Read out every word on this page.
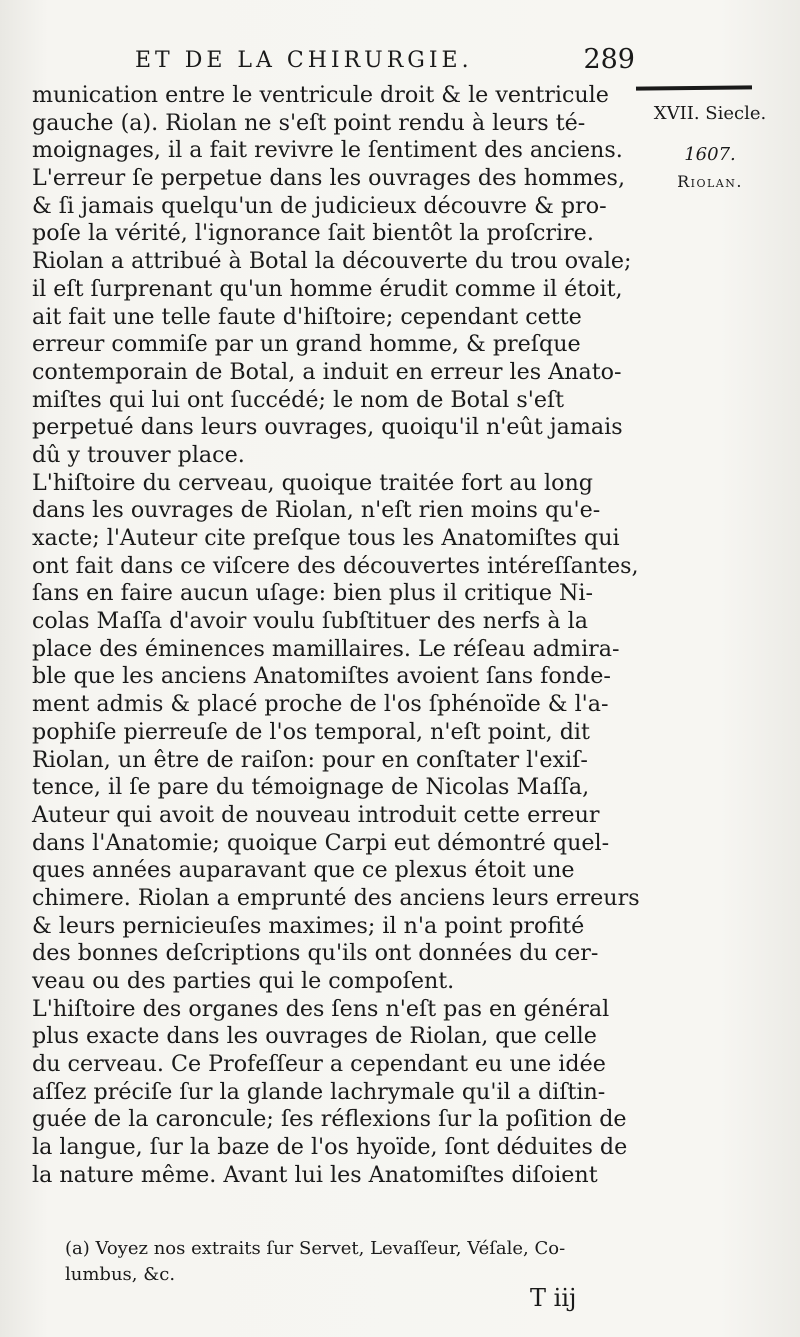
ET DE LA CHIRURGIE.	289
XVII. Siecle.
1607.
Riolan.
munication entre le ventricule droit & le ventricule
gauche (a). Riolan ne s'eſt point rendu à leurs té-
moignages, il a fait revivre le ſentiment des anciens.
L'erreur ſe perpetue dans les ouvrages des hommes,
& ſi jamais quelqu'un de judicieux découvre & pro-
poſe la vérité, l'ignorance ſait bientôt la proſcrire.
Riolan a attribué à Botal la découverte du trou ovale;
il eſt ſurprenant qu'un homme érudit comme il étoit,
ait fait une telle faute d'hiſtoire; cependant cette
erreur commiſe par un grand homme, & preſque
contemporain de Botal, a induit en erreur les Anato-
miſtes qui lui ont ſuccédé; le nom de Botal s'eſt
perpetué dans leurs ouvrages, quoiqu'il n'eût jamais
dû y trouver place.
L'hiſtoire du cerveau, quoique traitée fort au long
dans les ouvrages de Riolan, n'eſt rien moins qu'e-
xacte; l'Auteur cite preſque tous les Anatomiſtes qui
ont fait dans ce viſcere des découvertes intéreſſantes,
ſans en faire aucun uſage: bien plus il critique Ni-
colas Maſſa d'avoir voulu ſubſtituer des nerfs à la
place des éminences mamillaires. Le réſeau admira-
ble que les anciens Anatomiſtes avoient ſans fonde-
ment admis & placé proche de l'os ſphénoïde & l'a-
pophiſe pierreuſe de l'os temporal, n'eſt point, dit
Riolan, un être de raiſon: pour en conſtater l'exiſ-
tence, il ſe pare du témoignage de Nicolas Maſſa,
Auteur qui avoit de nouveau introduit cette erreur
dans l'Anatomie; quoique Carpi eut démontré quel-
ques années auparavant que ce plexus étoit une
chimere. Riolan a emprunté des anciens leurs erreurs
& leurs pernicieuſes maximes; il n'a point profité
des bonnes deſcriptions qu'ils ont données du cer-
veau ou des parties qui le compoſent.
L'hiſtoire des organes des ſens n'eſt pas en général
plus exacte dans les ouvrages de Riolan, que celle
du cerveau. Ce Profeſſeur a cependant eu une idée
aſſez préciſe ſur la glande lachrymale qu'il a diſtin-
guée de la caroncule; ſes réflexions ſur la poſition de
la langue, ſur la baze de l'os hyoïde, ſont déduites de
la nature même. Avant lui les Anatomiſtes diſoient
(a) Voyez nos extraits ſur Servet, Levaſſeur, Véſale, Co-
lumbus, &c.
T iij
